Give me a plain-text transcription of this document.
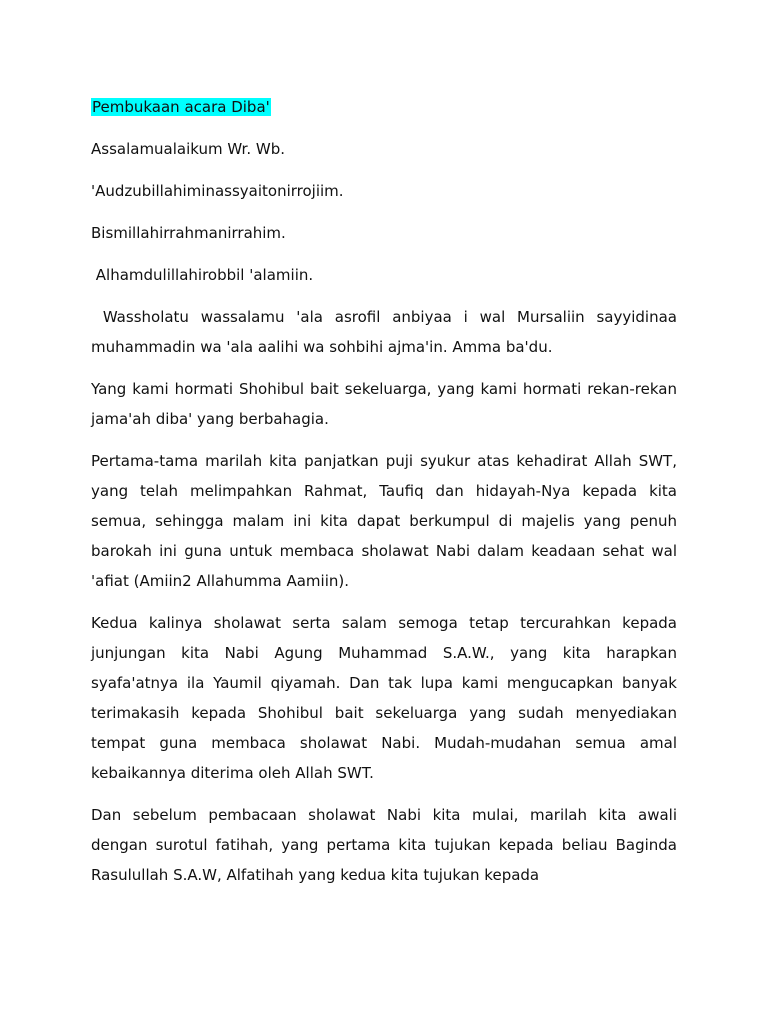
Pembukaan acara Diba'

Assalamualaikum Wr. Wb.

'Audzubillahiminassyaitonirrojiim.

Bismillahirrahmanirrahim.

Alhamdulillahirobbil 'alamiin.

Wassholatu wassalamu 'ala asrofil anbiyaa i wal Mursaliin sayyidinaa muhammadin wa 'ala aalihi wa sohbihi ajma'in. Amma ba'du.

Yang kami hormati Shohibul bait sekeluarga, yang kami hormati rekan-rekan jama'ah diba' yang berbahagia.

Pertama-tama marilah kita panjatkan puji syukur atas kehadirat Allah SWT, yang telah melimpahkan Rahmat, Taufiq dan hidayah-Nya kepada kita semua, sehingga malam ini kita dapat berkumpul di majelis yang penuh barokah ini guna untuk membaca sholawat Nabi dalam keadaan sehat wal 'afiat (Amiin2 Allahumma Aamiin).

Kedua kalinya sholawat serta salam semoga tetap tercurahkan kepada junjungan kita Nabi Agung Muhammad S.A.W., yang kita harapkan syafa'atnya ila Yaumil qiyamah. Dan tak lupa kami mengucapkan banyak terimakasih kepada Shohibul bait sekeluarga yang sudah menyediakan tempat guna membaca sholawat Nabi. Mudah-mudahan semua amal kebaikannya diterima oleh Allah SWT.

Dan sebelum pembacaan sholawat Nabi kita mulai, marilah kita awali dengan surotul fatihah, yang pertama kita tujukan kepada beliau Baginda Rasulullah S.A.W, Alfatihah yang kedua kita tujukan kepada
